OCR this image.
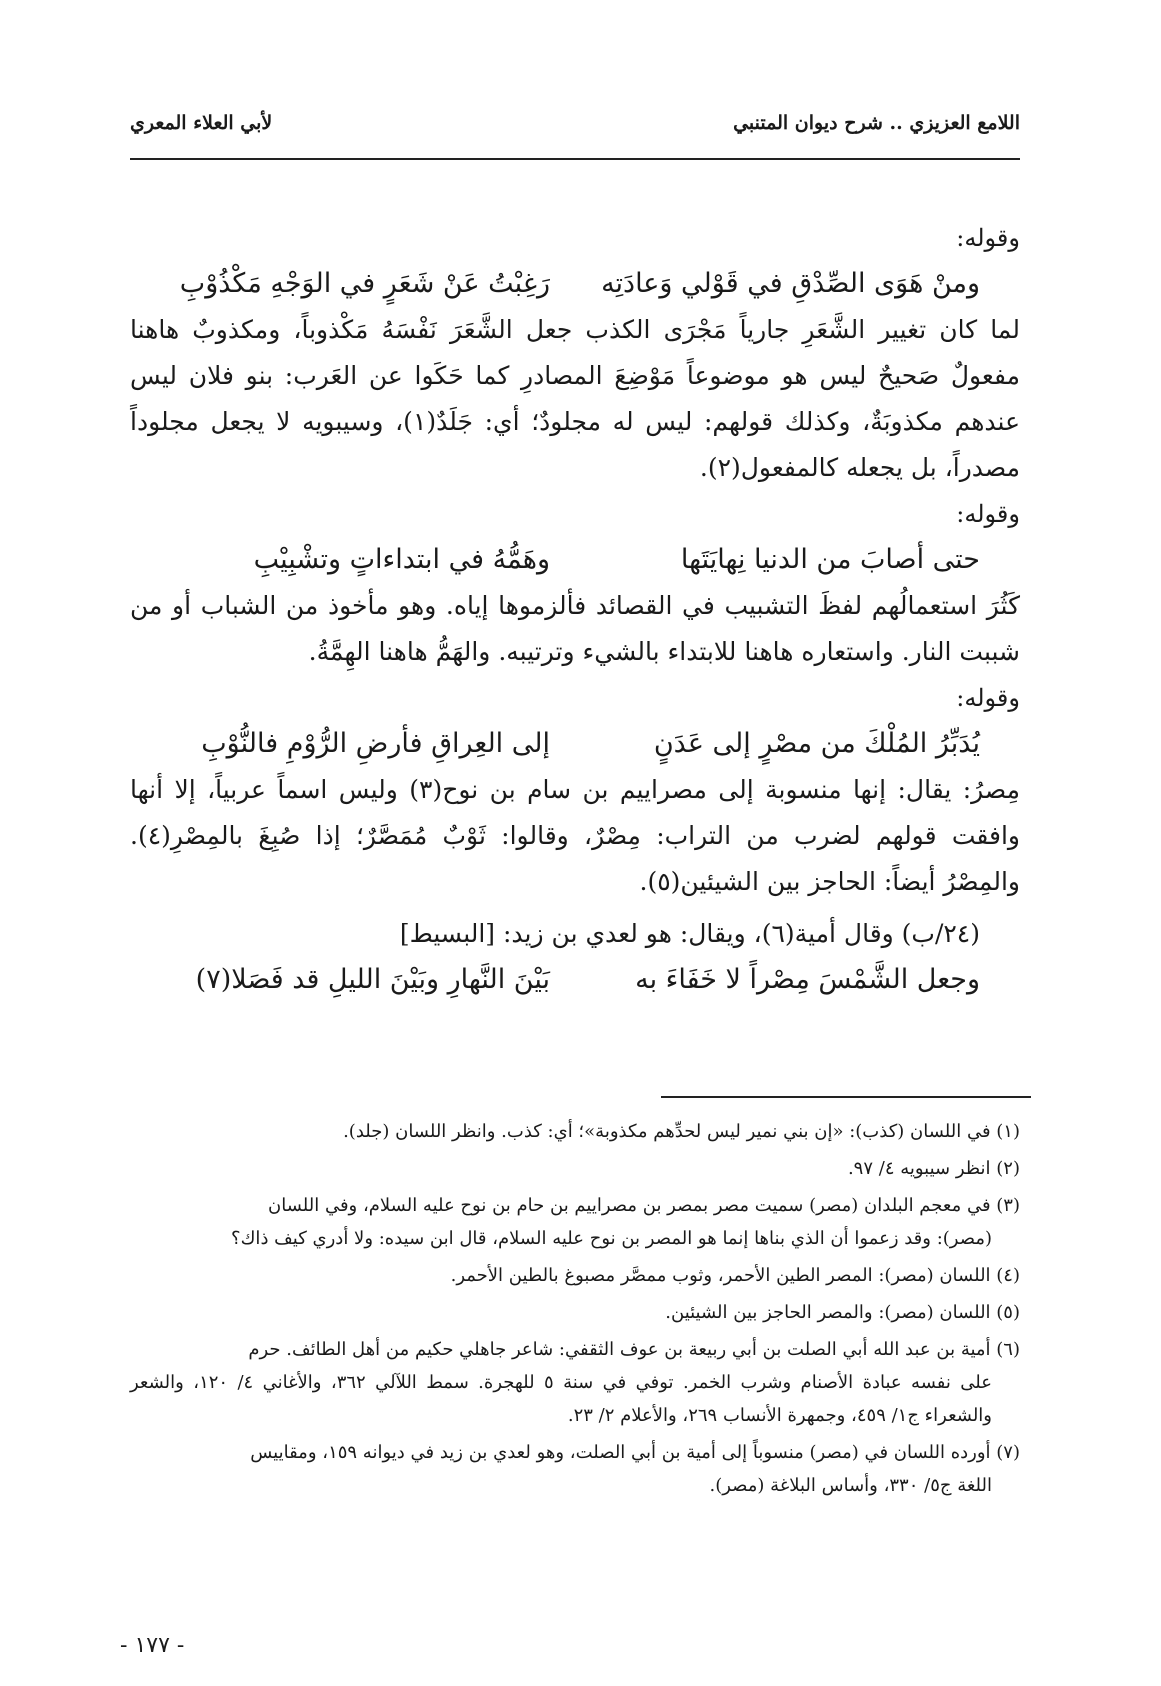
اللامع العزيزي .. شرح ديوان المتنبي
لأبي العلاء المعري

وقوله:

ومنْ هَوَى الصِّدْقِ في قَوْلي وَعادَتِه
رَغِبْتُ عَنْ شَعَرٍ في الوَجْهِ مَكْذُوْبِ

لما كان تغيير الشَّعَرِ جارياً مَجْرَى الكذب جعل الشَّعَرَ نَفْسَهُ مَكْذوباً، ومكذوبٌ هاهنا مفعولٌ صَحيحٌ ليس هو موضوعاً مَوْضِعَ المصادرِ كما حَكَوا عن العَرب: بنو فلان ليس عندهم مكذوبَةٌ، وكذلك قولهم: ليس له مجلودٌ؛ أي: جَلَدٌ(١)، وسيبويه لا يجعل مجلوداً مصدراً، بل يجعله كالمفعول(٢).

وقوله:

حتى أصابَ من الدنيا نِهايَتَها
وهَمُّهُ في ابتداءاتٍ وتشْبِيْبِ

كَثُرَ استعمالُهم لفظَ التشبيب في القصائد فألزموها إياه. وهو مأخوذ من الشباب أو من شببت النار. واستعاره هاهنا للابتداء بالشيء وترتيبه. والهَمُّ هاهنا الهِمَّةُ.

وقوله:

يُدَبِّرُ المُلْكَ من مصْرٍ إلى عَدَنٍ
إلى العِراقِ فأرضِ الرُّوْمِ فالنُّوْبِ

مِصرُ: يقال: إنها منسوبة إلى مصراييم بن سام بن نوح(٣) وليس اسماً عربياً، إلا أنها وافقت قولهم لضرب من التراب: مِصْرٌ، وقالوا: ثَوْبٌ مُمَصَّرٌ؛ إذا صُبِغَ بالمِصْرِ(٤). والمِصْرُ أيضاً: الحاجز بين الشيئين(٥).

(٢٤/ب) وقال أمية(٦)، ويقال: هو لعدي بن زيد: [البسيط]

وجعل الشَّمْسَ مِصْراً لا خَفَاءَ به
بَيْنَ النَّهارِ وبَيْنَ الليلِ قد فَصَلا(٧)

(١) في اللسان (كذب): «إن بني نمير ليس لحدِّهم مكذوبة»؛ أي: كذب. وانظر اللسان (جلد).

(٢) انظر سيبويه ٤/ ٩٧.

(٣) في معجم البلدان (مصر) سميت مصر بمصر بن مصراييم بن حام بن نوح عليه السلام، وفي اللسان
(مصر): وقد زعموا أن الذي بناها إنما هو المصر بن نوح عليه السلام، قال ابن سيده: ولا أدري كيف ذاك؟

(٤) اللسان (مصر): المصر الطين الأحمر، وثوب ممصَّر مصبوغ بالطين الأحمر.

(٥) اللسان (مصر): والمصر الحاجز بين الشيئين.

(٦) أمية بن عبد الله أبي الصلت بن أبي ربيعة بن عوف الثقفي: شاعر جاهلي حكيم من أهل الطائف. حرم
على نفسه عبادة الأصنام وشرب الخمر. توفي في سنة ٥ للهجرة. سمط اللآلي ٣٦٢، والأغاني ٤/ ١٢٠، والشعر والشعراء ج١/ ٤٥٩، وجمهرة الأنساب ٢٦٩، والأعلام ٢/ ٢٣.

(٧) أورده اللسان في (مصر) منسوباً إلى أمية بن أبي الصلت، وهو لعدي بن زيد في ديوانه ١٥٩، ومقاييس
اللغة ج٥/ ٣٣٠، وأساس البلاغة (مصر).

- ١٧٧ -
